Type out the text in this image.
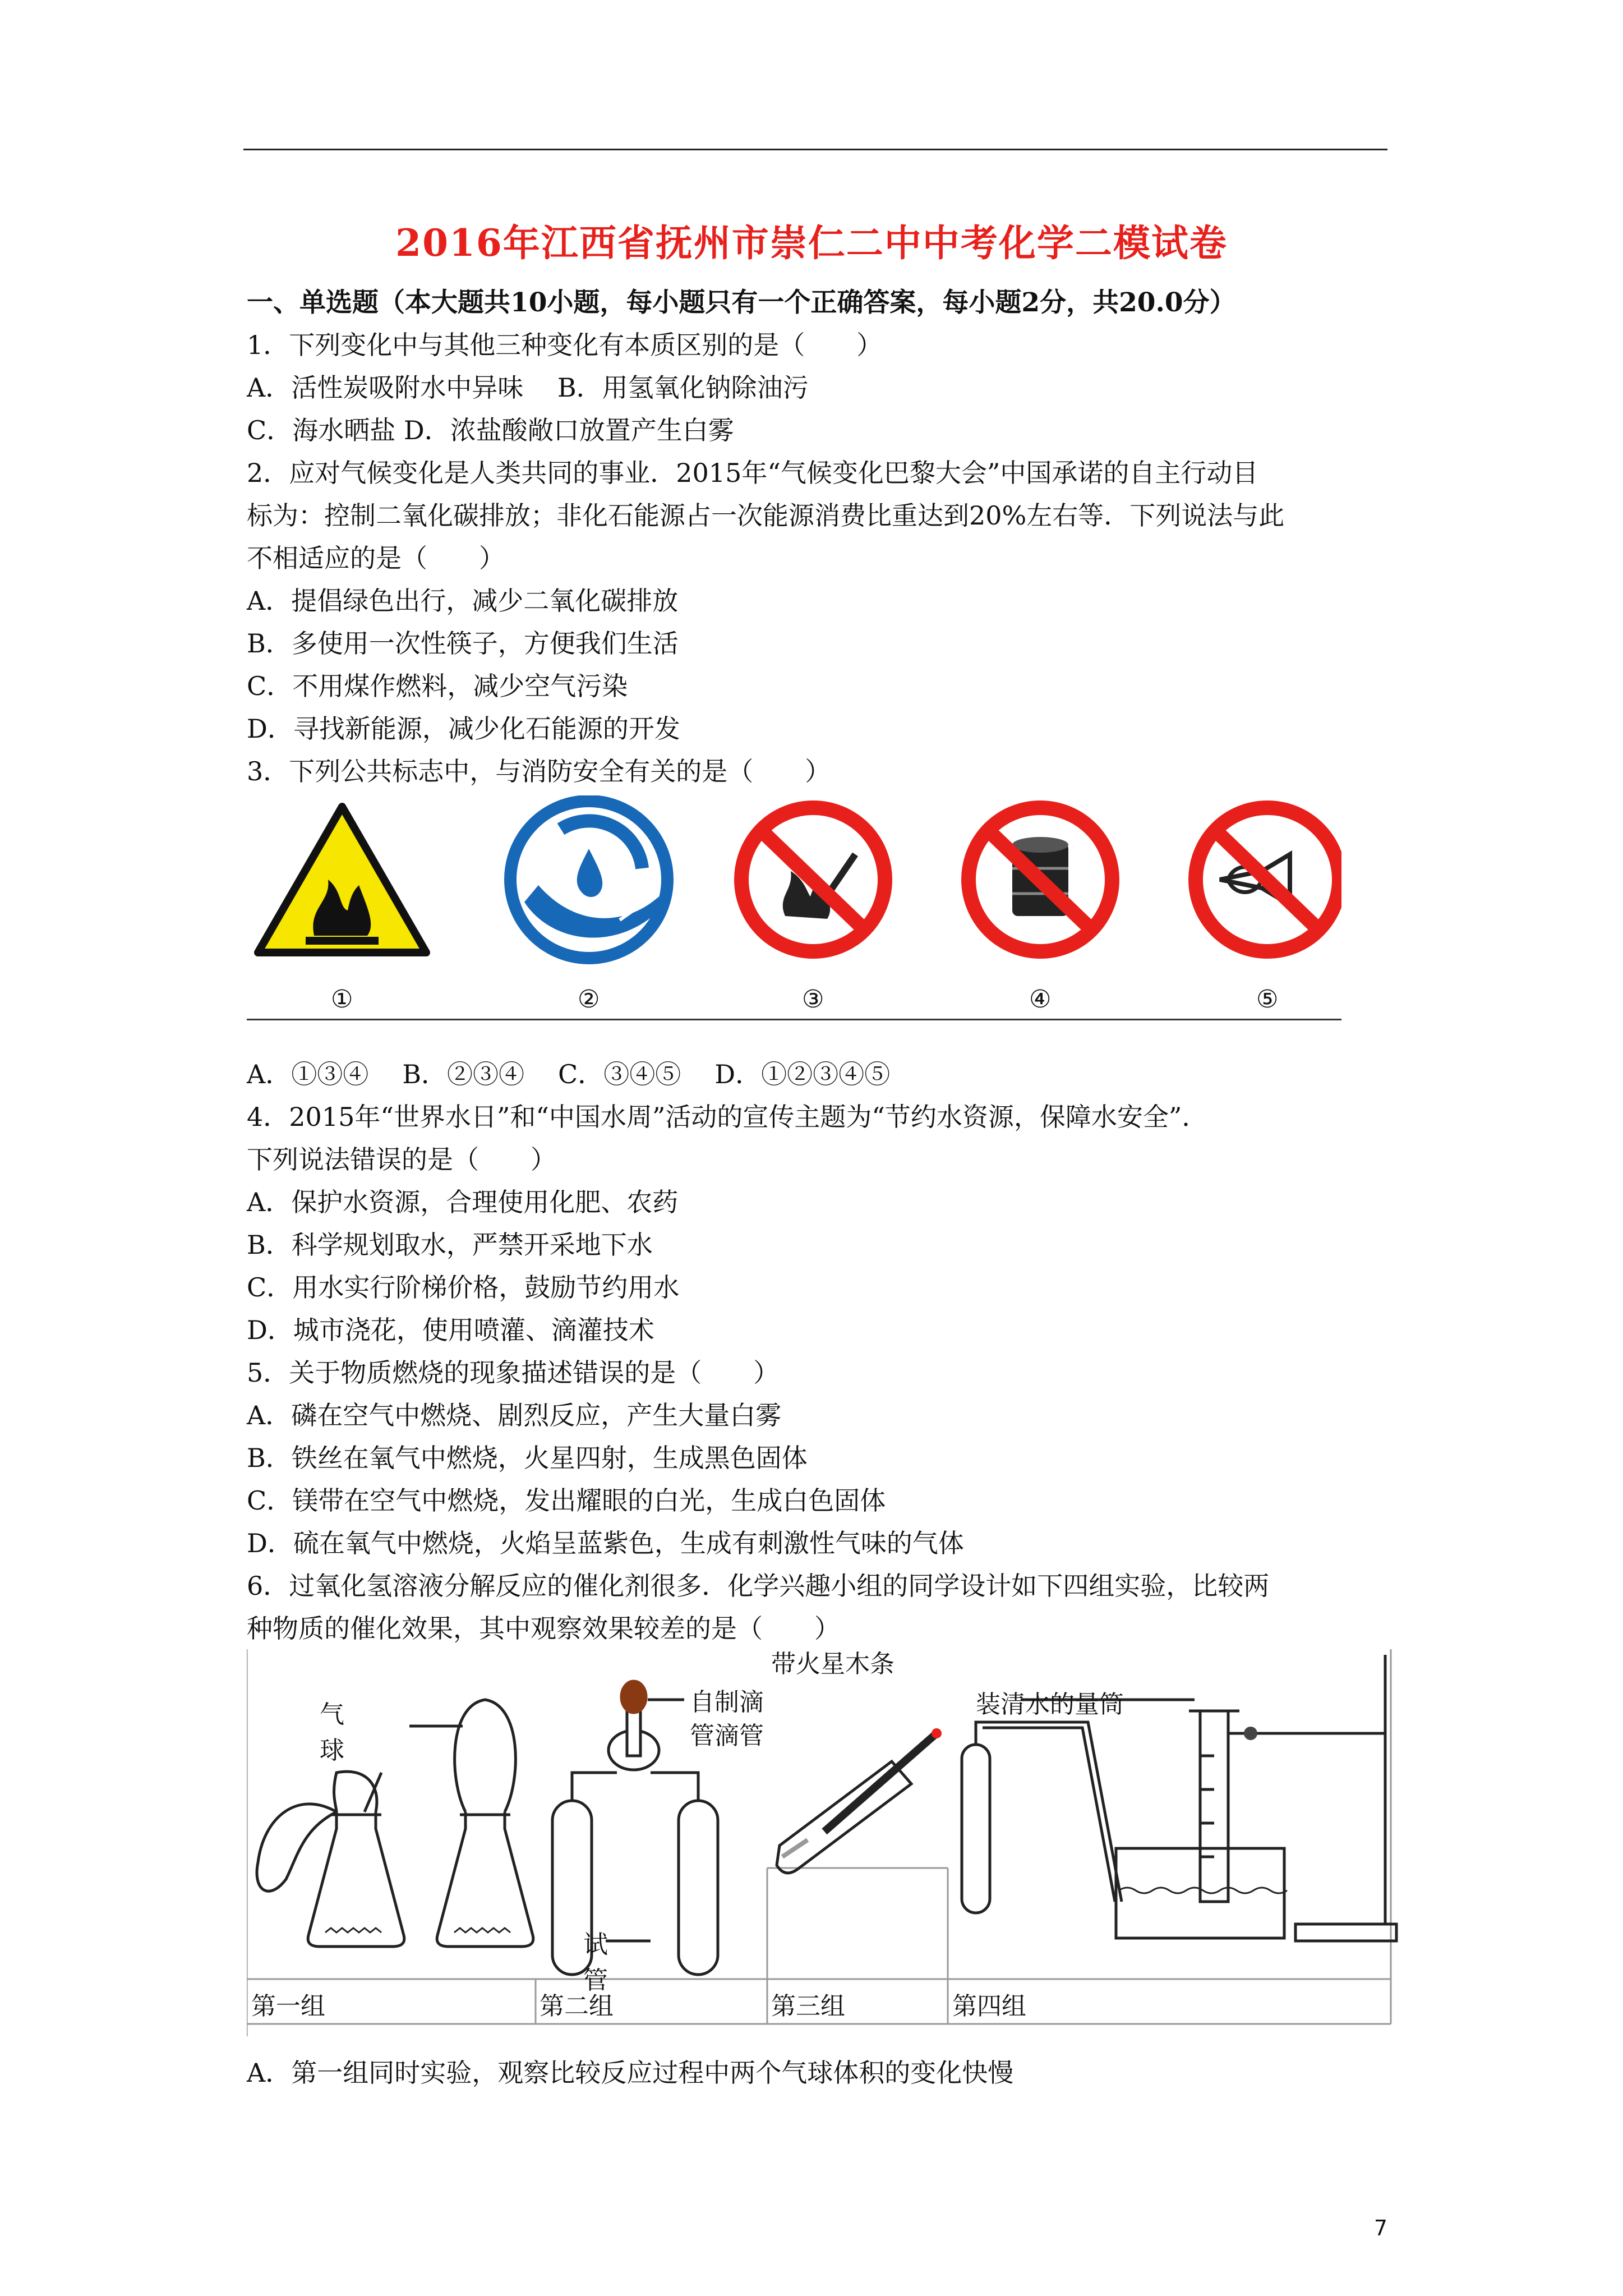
2016年江西省抚州市崇仁二中中考化学二模试卷
一、单选题（本大题共10小题，每小题只有一个正确答案，每小题2分，共20.0分）
1．下列变化中与其他三种变化有本质区别的是（　　）
A．活性炭吸附水中异味　 B．用氢氧化钠除油污
C．海水晒盐 D．浓盐酸敞口放置产生白雾
2．应对气候变化是人类共同的事业．2015年“气候变化巴黎大会”中国承诺的自主行动目
标为：控制二氧化碳排放；非化石能源占一次能源消费比重达到20%左右等．下列说法与此
不相适应的是（　　）
A．提倡绿色出行，减少二氧化碳排放
B．多使用一次性筷子，方便我们生活
C．不用煤作燃料，减少空气污染
D．寻找新能源，减少化石能源的开发
3．下列公共标志中，与消防安全有关的是（　　）
①	②	③	④	⑤
A．①③④ B．②③④ C．③④⑤ D．①②③④⑤
4．2015年“世界水日”和“中国水周”活动的宣传主题为“节约水资源，保障水安全”．
下列说法错误的是（　　）
A．保护水资源，合理使用化肥、农药
B．科学规划取水，严禁开采地下水
C．用水实行阶梯价格，鼓励节约用水
D．城市浇花，使用喷灌、滴灌技术
5．关于物质燃烧的现象描述错误的是（　　）
A．磷在空气中燃烧、剧烈反应，产生大量白雾
B．铁丝在氧气中燃烧，火星四射，生成黑色固体
C．镁带在空气中燃烧，发出耀眼的白光，生成白色固体
D．硫在氧气中燃烧，火焰呈蓝紫色，生成有刺激性气味的气体
6．过氧化氢溶液分解反应的催化剂很多．化学兴趣小组的同学设计如下四组实验，比较两
种物质的催化效果，其中观察效果较差的是（　　）
气球
自制滴
管滴管
试管
带火星木条
装清水的量筒
第一组	第二组	第三组	第四组
A．第一组同时实验，观察比较反应过程中两个气球体积的变化快慢
7
